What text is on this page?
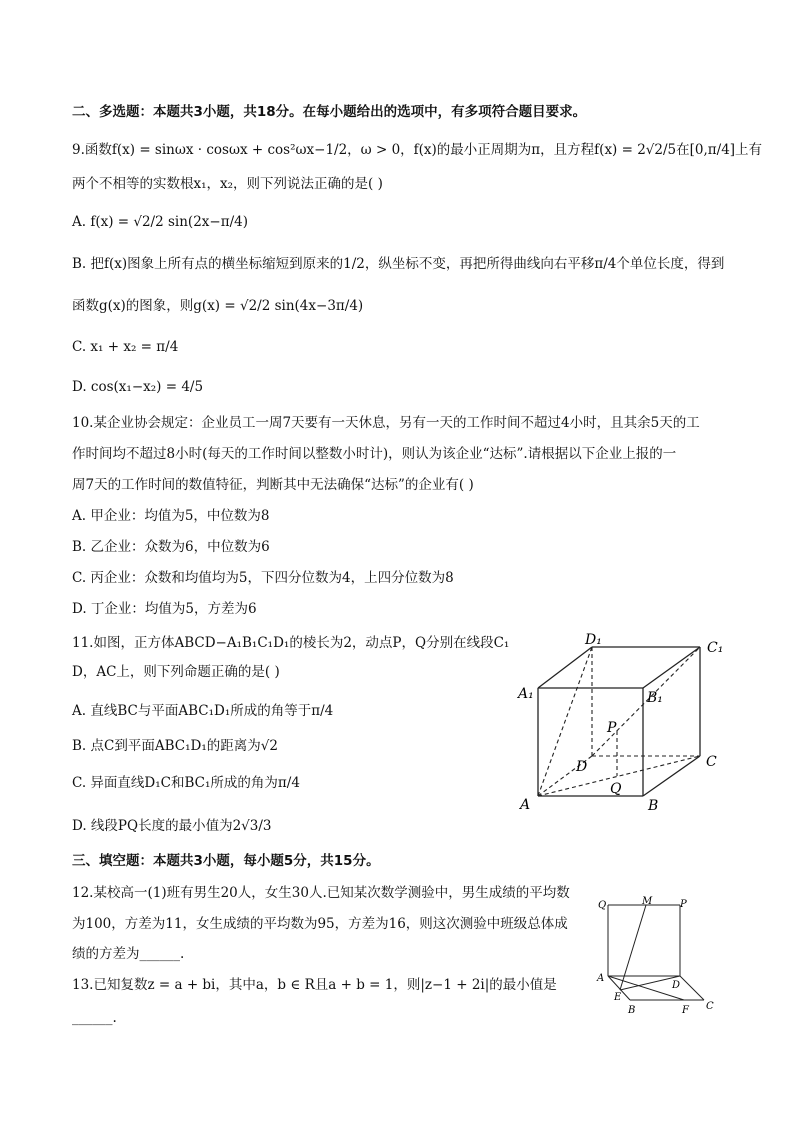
二、多选题：本题共3小题，共18分。在每小题给出的选项中，有多项符合题目要求。
9.函数f(x) = sinωx · cosωx + cos²ωx−1/2，ω > 0，f(x)的最小正周期为π，且方程f(x) = 2√2/5在[0,π/4]上有
两个不相等的实数根x₁，x₂，则下列说法正确的是( )
A. f(x) = √2/2 sin(2x−π/4)
B. 把f(x)图象上所有点的横坐标缩短到原来的1/2，纵坐标不变，再把所得曲线向右平移π/4个单位长度，得到
函数g(x)的图象，则g(x) = √2/2 sin(4x−3π/4)
C. x₁ + x₂ = π/4
D. cos(x₁−x₂) = 4/5
10.某企业协会规定：企业员工一周7天要有一天休息，另有一天的工作时间不超过4小时，且其余5天的工
作时间均不超过8小时(每天的工作时间以整数小时计)，则认为该企业“达标”.请根据以下企业上报的一
周7天的工作时间的数值特征，判断其中无法确保“达标”的企业有( )
A. 甲企业：均值为5，中位数为8
B. 乙企业：众数为6，中位数为6
C. 丙企业：众数和均值均为5，下四分位数为4，上四分位数为8
D. 丁企业：均值为5，方差为6
11.如图，正方体ABCD−A₁B₁C₁D₁的棱长为2，动点P，Q分别在线段C₁
D，AC上，则下列命题正确的是( )
A. 直线BC与平面ABC₁D₁所成的角等于π/4
B. 点C到平面ABC₁D₁的距离为√2
C. 异面直线D₁C和BC₁所成的角为π/4
D. 线段PQ长度的最小值为2√3/3
D₁	C₁
A₁	B₁
P
D	C
Q
A	B
三、填空题：本题共3小题，每小题5分，共15分。
12.某校高一(1)班有男生20人，女生30人.已知某次数学测验中，男生成绩的平均数
为100，方差为11，女生成绩的平均数为95，方差为16，则这次测验中班级总体成
绩的方差为______.
Q	M	P
A
D
E
B	F C
13.已知复数z = a + bi，其中a，b ∈ R且a + b = 1，则|z−1 + 2i|的最小值是
______.
